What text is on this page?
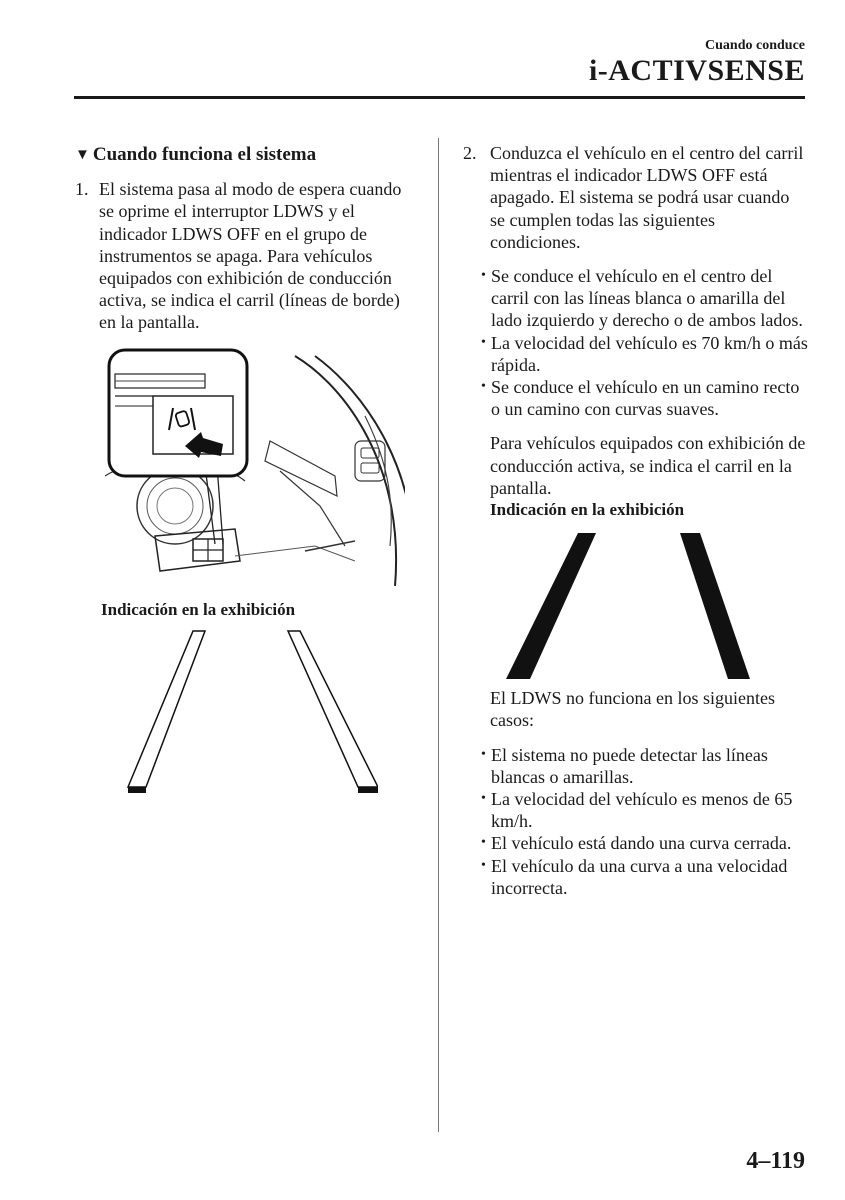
Cuando conduce
i-ACTIVSENSE
▼ Cuando funciona el sistema
1. El sistema pasa al modo de espera cuando se oprime el interruptor LDWS y el indicador LDWS OFF en el grupo de instrumentos se apaga. Para vehículos equipados con exhibición de conducción activa, se indica el carril (líneas de borde) en la pantalla.
Indicación en la exhibición
2. Conduzca el vehículo en el centro del carril mientras el indicador LDWS OFF está apagado. El sistema se podrá usar cuando se cumplen todas las siguientes condiciones.
• Se conduce el vehículo en el centro del carril con las líneas blanca o amarilla del lado izquierdo y derecho o de ambos lados.
• La velocidad del vehículo es 70 km/h o más rápida.
• Se conduce el vehículo en un camino recto o un camino con curvas suaves.
Para vehículos equipados con exhibición de conducción activa, se indica el carril en la pantalla.
Indicación en la exhibición
El LDWS no funciona en los siguientes casos:
• El sistema no puede detectar las líneas blancas o amarillas.
• La velocidad del vehículo es menos de 65 km/h.
• El vehículo está dando una curva cerrada.
• El vehículo da una curva a una velocidad incorrecta.
4–119
